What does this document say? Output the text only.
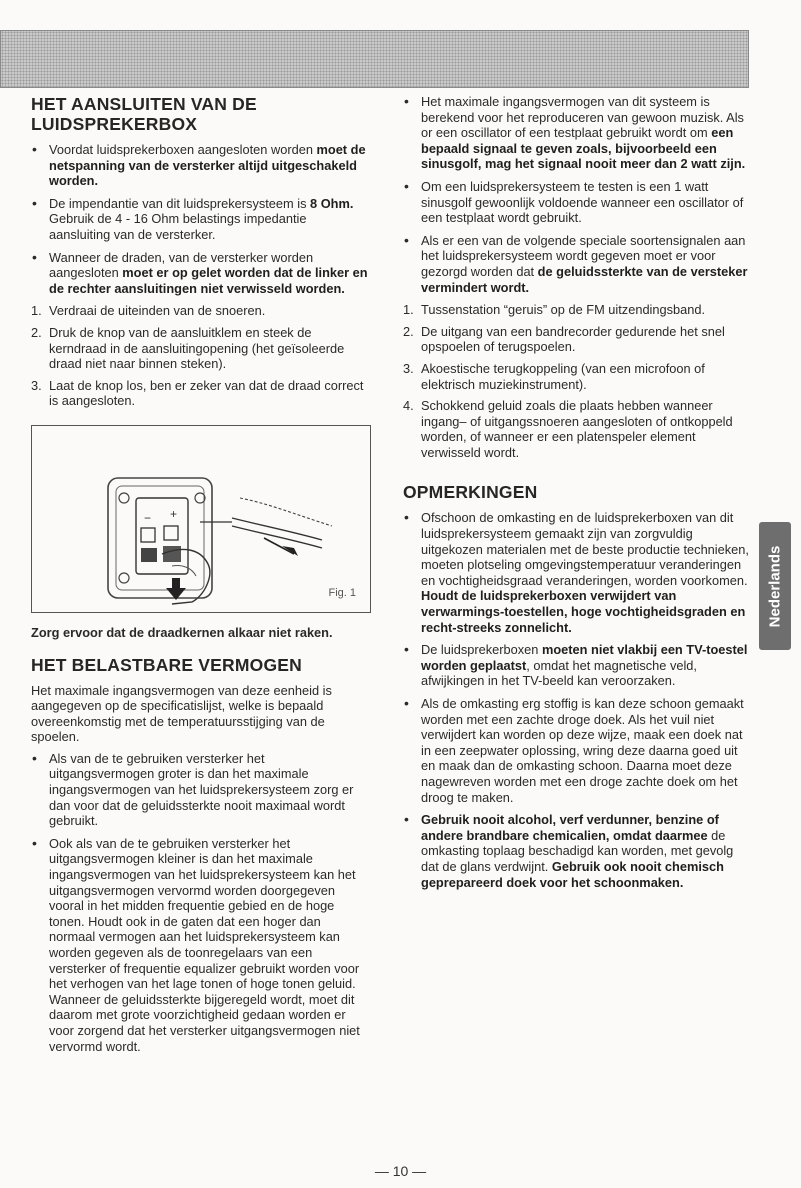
HET AANSLUITEN VAN DE LUIDSPREKERBOX
• Voordat luidsprekerboxen aangesloten worden moet de netspanning van de versterker altijd uitgeschakeld worden.
• De impendantie van dit luidsprekersysteem is 8 Ohm. Gebruik de 4 - 16 Ohm belastings impedantie aansluiting van de versterker.
• Wanneer de draden, van de versterker worden aangesloten moet er op gelet worden dat de linker en de rechter aansluitingen niet verwisseld worden.
1. Verdraai de uiteinden van de snoeren.
2. Druk de knop van de aansluitklem en steek de kerndraad in de aansluitingopening (het geïsoleerde draad niet naar binnen steken).
3. Laat de knop los, ben er zeker van dat de draad correct is aangesloten.
− +
Fig. 1
Zorg ervoor dat de draadkernen alkaar niet raken.
HET BELASTBARE VERMOGEN

Het maximale ingangsvermogen van deze eenheid is aangegeven op de specificatislijst, welke is bepaald overeenkomstig met de temperatuursstijging van de spoelen.

• Als van de te gebruiken versterker het uitgangsvermogen groter is dan het maximale ingangsvermogen van het luidsprekersysteem zorg er dan voor dat de geluidssterkte nooit maximaal wordt gebruikt.
• Ook als van de te gebruiken versterker het uitgangsvermogen kleiner is dan het maximale ingangsvermogen van het luidsprekersysteem kan het uitgangsvermogen vervormd worden doorgegeven vooral in het midden frequentie gebied en de hoge tonen. Houdt ook in de gaten dat een hoger dan normaal vermogen aan het luidsprekersysteem kan worden gegeven als de toonregelaars van een versterker of frequentie equalizer gebruikt worden voor het verhogen van het lage tonen of hoge tonen geluid. Wanneer de geluidssterkte bijgeregeld wordt, moet dit daarom met grote voorzichtigheid gedaan worden er voor zorgend dat het versterker uitgangsvermogen niet vervormd wordt.
• Het maximale ingangsvermogen van dit systeem is berekend voor het reproduceren van gewoon muzisk. Als or een oscillator of een testplaat gebruikt wordt om een bepaald signaal te geven zoals, bijvoorbeeld een sinusgolf, mag het signaal nooit meer dan 2 watt zijn.
• Om een luidsprekersysteem te testen is een 1 watt sinusgolf gewoonlijk voldoende wanneer een oscillator of een testplaat wordt gebruikt.
• Als er een van de volgende speciale soortensignalen aan het luidsprekersysteem wordt gegeven moet er voor gezorgd worden dat de geluidssterkte van de versteker vermindert wordt.
1. Tussenstation “geruis” op de FM uitzendingsband.
2. De uitgang van een bandrecorder gedurende het snel opspoelen of terugspoelen.
3. Akoestische terugkoppeling (van een microfoon of elektrisch muziekinstrument).
4. Schokkend geluid zoals die plaats hebben wanneer ingang– of uitgangssnoeren aangesloten of ontkoppeld worden, of wanneer er een platenspeler element verwisseld wordt.
OPMERKINGEN
• Ofschoon de omkasting en de luidsprekerboxen van dit luidsprekersysteem gemaakt zijn van zorgvuldig uitgekozen materialen met de beste productie technieken, moeten plotseling omgevingstemperatuur veranderingen en vochtigheidsgraad veranderingen, worden voorkomen. Houdt de luidsprekerboxen verwijdert van verwarmings-toestellen, hoge vochtigheidsgraden en recht-streeks zonnelicht.
• De luidsprekerboxen moeten niet vlakbij een TV-toestel worden geplaatst, omdat het magnetische veld, afwijkingen in het TV-beeld kan veroorzaken.
• Als de omkasting erg stoffig is kan deze schoon gemaakt worden met een zachte droge doek. Als het vuil niet verwijdert kan worden op deze wijze, maak een doek nat in een zeepwater oplossing, wring deze daarna goed uit en maak dan de omkasting schoon. Daarna moet deze nagewreven worden met een droge zachte doek om het droog te maken.
• Gebruik nooit alcohol, verf verdunner, benzine of andere brandbare chemicalien, omdat daarmee de omkasting toplaag beschadigd kan worden, met gevolg dat de glans verdwijnt. Gebruik ook nooit chemisch geprepareerd doek voor het schoonmaken.
Nederlands
— 10 —
